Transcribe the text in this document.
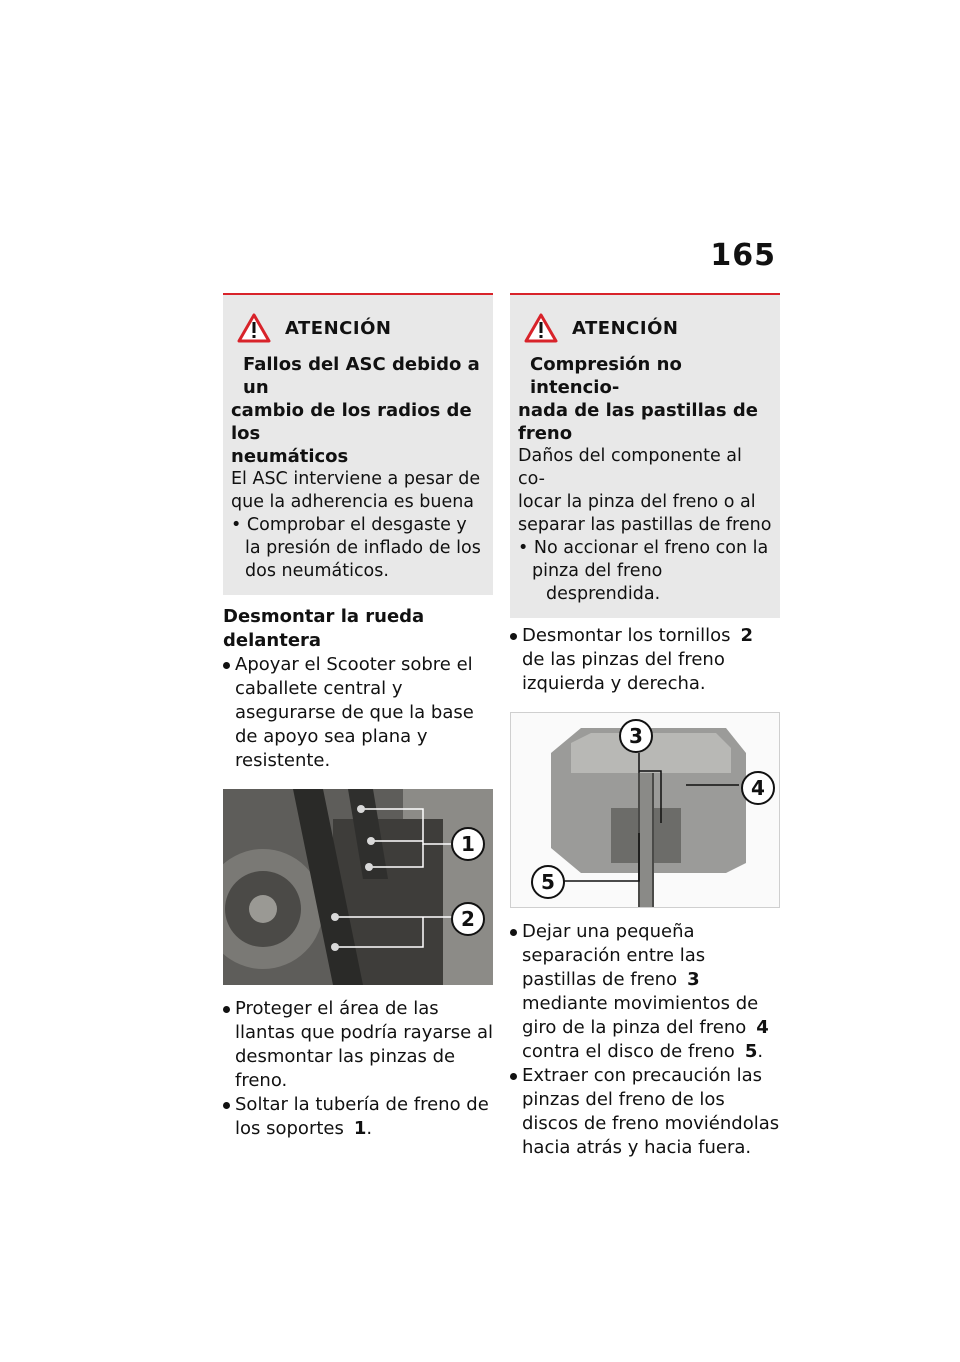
165
ATENCIÓN
Fallos del ASC debido a un
cambio de los radios de los
neumáticos
El ASC interviene a pesar de
que la adherencia es buena
• Comprobar el desgaste y
la presión de inflado de los
dos neumáticos.
Desmontar la rueda delantera
Apoyar el Scooter sobre el caballete central y asegurarse de que la base de apoyo sea plana y resistente.
1
2
Proteger el área de las llantas que podría rayarse al desmontar las pinzas de freno.
Soltar la tubería de freno de los soportes 1.
ATENCIÓN
Compresión no intencio-
nada de las pastillas de
freno
Daños del componente al co-
locar la pinza del freno o al
separar las pastillas de freno
• No accionar el freno con la
pinza del freno desprendida.
Desmontar los tornillos 2 de las pinzas del freno izquierda y derecha.
3
4
5
Dejar una pequeña separación entre las pastillas de freno 3 mediante movimientos de giro de la pinza del freno 4 contra el disco de freno 5.
Extraer con precaución las pinzas del freno de los discos de freno moviéndolas hacia atrás y hacia fuera.
